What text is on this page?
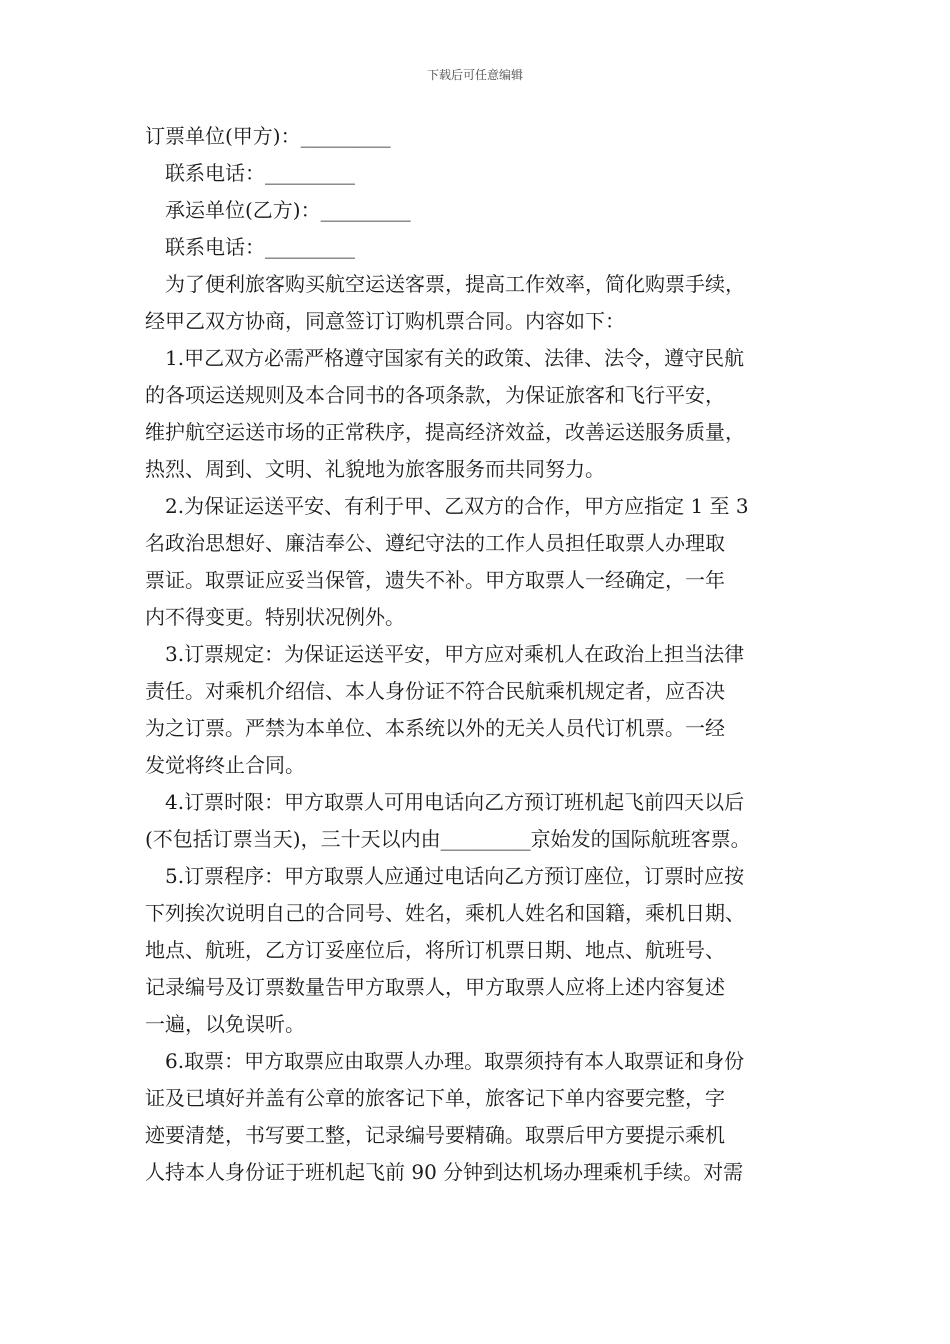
下载后可任意编辑
订票单位(甲方)：_________
联系电话：_________
承运单位(乙方)：_________
联系电话：_________
为了便利旅客购买航空运送客票，提高工作效率，简化购票手续，
经甲乙双方协商，同意签订订购机票合同。内容如下：
1.甲乙双方必需严格遵守国家有关的政策、法律、法令，遵守民航
的各项运送规则及本合同书的各项条款，为保证旅客和飞行平安，
维护航空运送市场的正常秩序，提高经济效益，改善运送服务质量，
热烈、周到、文明、礼貌地为旅客服务而共同努力。
2.为保证运送平安、有利于甲、乙双方的合作，甲方应指定 1 至 3
名政治思想好、廉洁奉公、遵纪守法的工作人员担任取票人办理取
票证。取票证应妥当保管，遗失不补。甲方取票人一经确定，一年
内不得变更。特别状况例外。
3.订票规定：为保证运送平安，甲方应对乘机人在政治上担当法律
责任。对乘机介绍信、本人身份证不符合民航乘机规定者，应否决
为之订票。严禁为本单位、本系统以外的无关人员代订机票。一经
发觉将终止合同。
4.订票时限：甲方取票人可用电话向乙方预订班机起飞前四天以后
(不包括订票当天)，三十天以内由_________京始发的国际航班客票。
5.订票程序：甲方取票人应通过电话向乙方预订座位，订票时应按
下列挨次说明自己的合同号、姓名，乘机人姓名和国籍，乘机日期、
地点、航班，乙方订妥座位后，将所订机票日期、地点、航班号、
记录编号及订票数量告甲方取票人，甲方取票人应将上述内容复述
一遍，以免误听。
6.取票：甲方取票应由取票人办理。取票须持有本人取票证和身份
证及已填好并盖有公章的旅客记下单，旅客记下单内容要完整，字
迹要清楚，书写要工整，记录编号要精确。取票后甲方要提示乘机
人持本人身份证于班机起飞前 90 分钟到达机场办理乘机手续。对需
